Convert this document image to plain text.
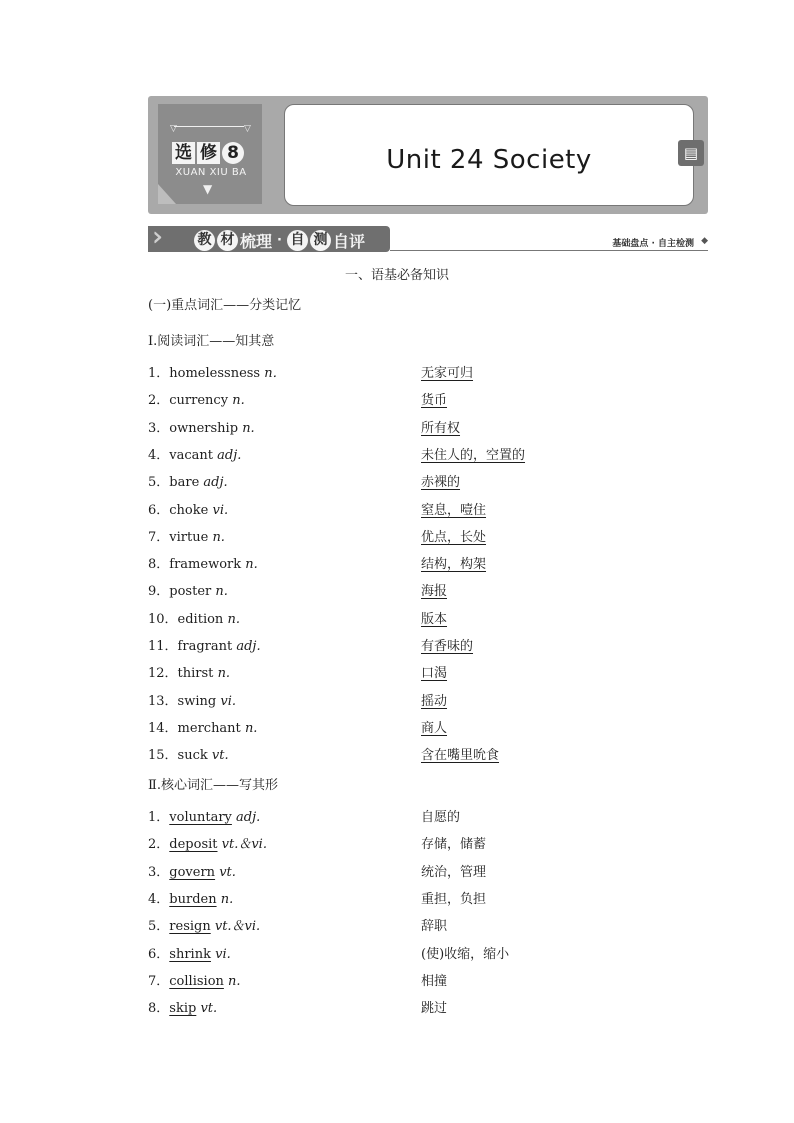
▽	▽
选 修 8
XUAN XIU BA
▼
Unit 24 Society	▤
›››	教 材 梳理 · 自 测 自评	基础盘点 · 自主检测 ◆
一、语基必备知识
(一)重点词汇——分类记忆
Ⅰ.阅读词汇——知其意
1．homelessness n．	无家可归
2．currency n.	货币
3．ownership n.	所有权
4．vacant adj.	未住人的，空置的
5．bare adj.	赤裸的
6．choke vi.	窒息，噎住
7．virtue n.	优点，长处
8．framework n.	结构，构架
9．poster n.	海报
10．edition n.	版本
11．fragrant adj.	有香味的
12．thirst n.	口渴
13．swing vi.	摇动
14．merchant n.	商人
15．suck vt.	含在嘴里吮食
Ⅱ.核心词汇——写其形
1．voluntary adj.	自愿的
2．deposit vt.＆vi.	存储，储蓄
3．govern vt.	统治，管理
4．burden n.	重担，负担
5．resign vt.＆vi.	辞职
6．shrink vi.	(使)收缩，缩小
7．collision n.	相撞
8．skip vt.	跳过
